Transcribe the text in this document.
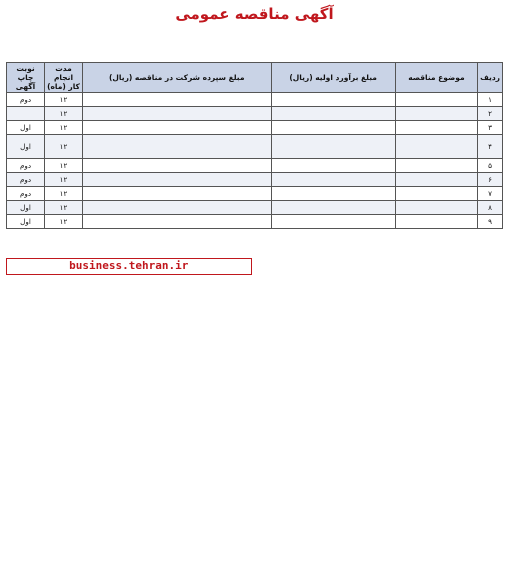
آگهی مناقصه عمومی
ردیف	موضوع مناقصه	مبلغ برآورد اولیه (ریال)	مبلغ سپرده شرکت در مناقصه (ریال)	مدت انجام کار (ماه)	نوبت چاپ آگهی
۱				۱۲	دوم
۲				۱۲	
۳				۱۲	اول
۴				۱۲	اول
۵				۱۲	دوم
۶				۱۲	دوم
۷				۱۲	دوم
۸				۱۲	اول
۹				۱۲	اول
business.tehran.ir
